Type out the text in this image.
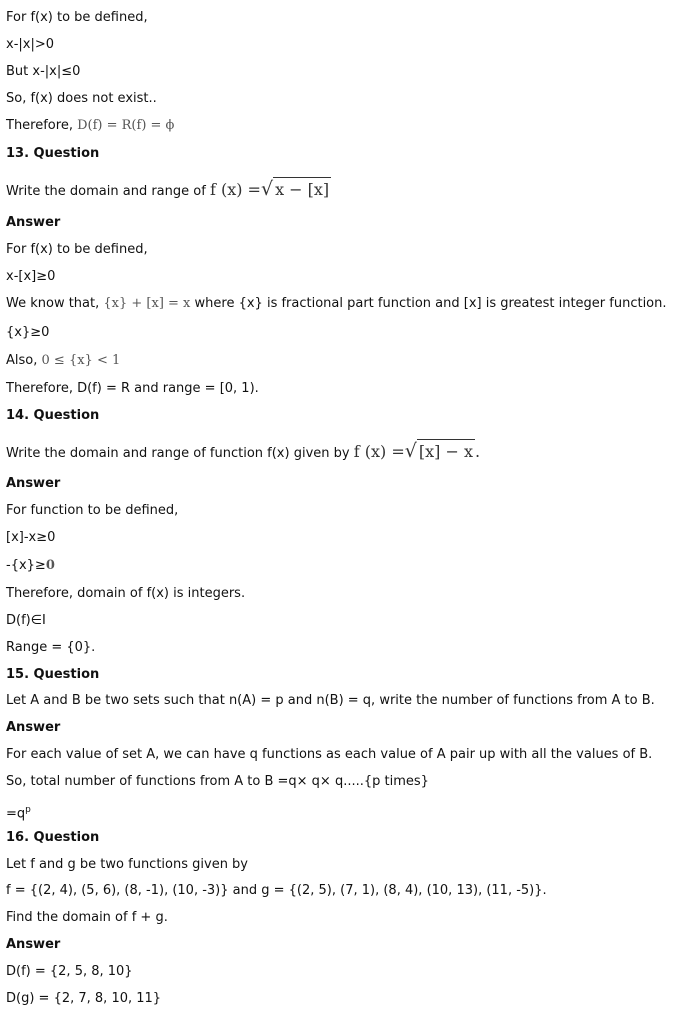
For f(x) to be defined,
x-|x|>0
But x-|x|≤0
So, f(x) does not exist..
Therefore, D(f) = R(f) = ϕ
13. Question
Write the domain and range of f (x) =√ x − [x]
Answer
For f(x) to be defined,
x-[x]≥0
We know that, {x} + [x] = x where {x} is fractional part function and [x] is greatest integer function.
{x}≥0
Also, 0 ≤ {x} < 1
Therefore, D(f) = R and range = [0, 1).
14. Question
Write the domain and range of function f(x) given by f (x) =√ [x] − x .
Answer
For function to be defined,
[x]-x≥0
-{x}≥0
Therefore, domain of f(x) is integers.
D(f)∈I
Range = {0}.
15. Question
Let A and B be two sets such that n(A) = p and n(B) = q, write the number of functions from A to B.
Answer
For each value of set A, we can have q functions as each value of A pair up with all the values of B.
So, total number of functions from A to B =q× q× q.....{p times}
$=q^p$
16. Question
Let f and g be two functions given by
f = {(2, 4), (5, 6), (8, -1), (10, -3)} and g = {(2, 5), (7, 1), (8, 4), (10, 13), (11, -5)}.
Find the domain of f + g.
Answer
D(f) = {2, 5, 8, 10}
D(g) = {2, 7, 8, 10, 11}
